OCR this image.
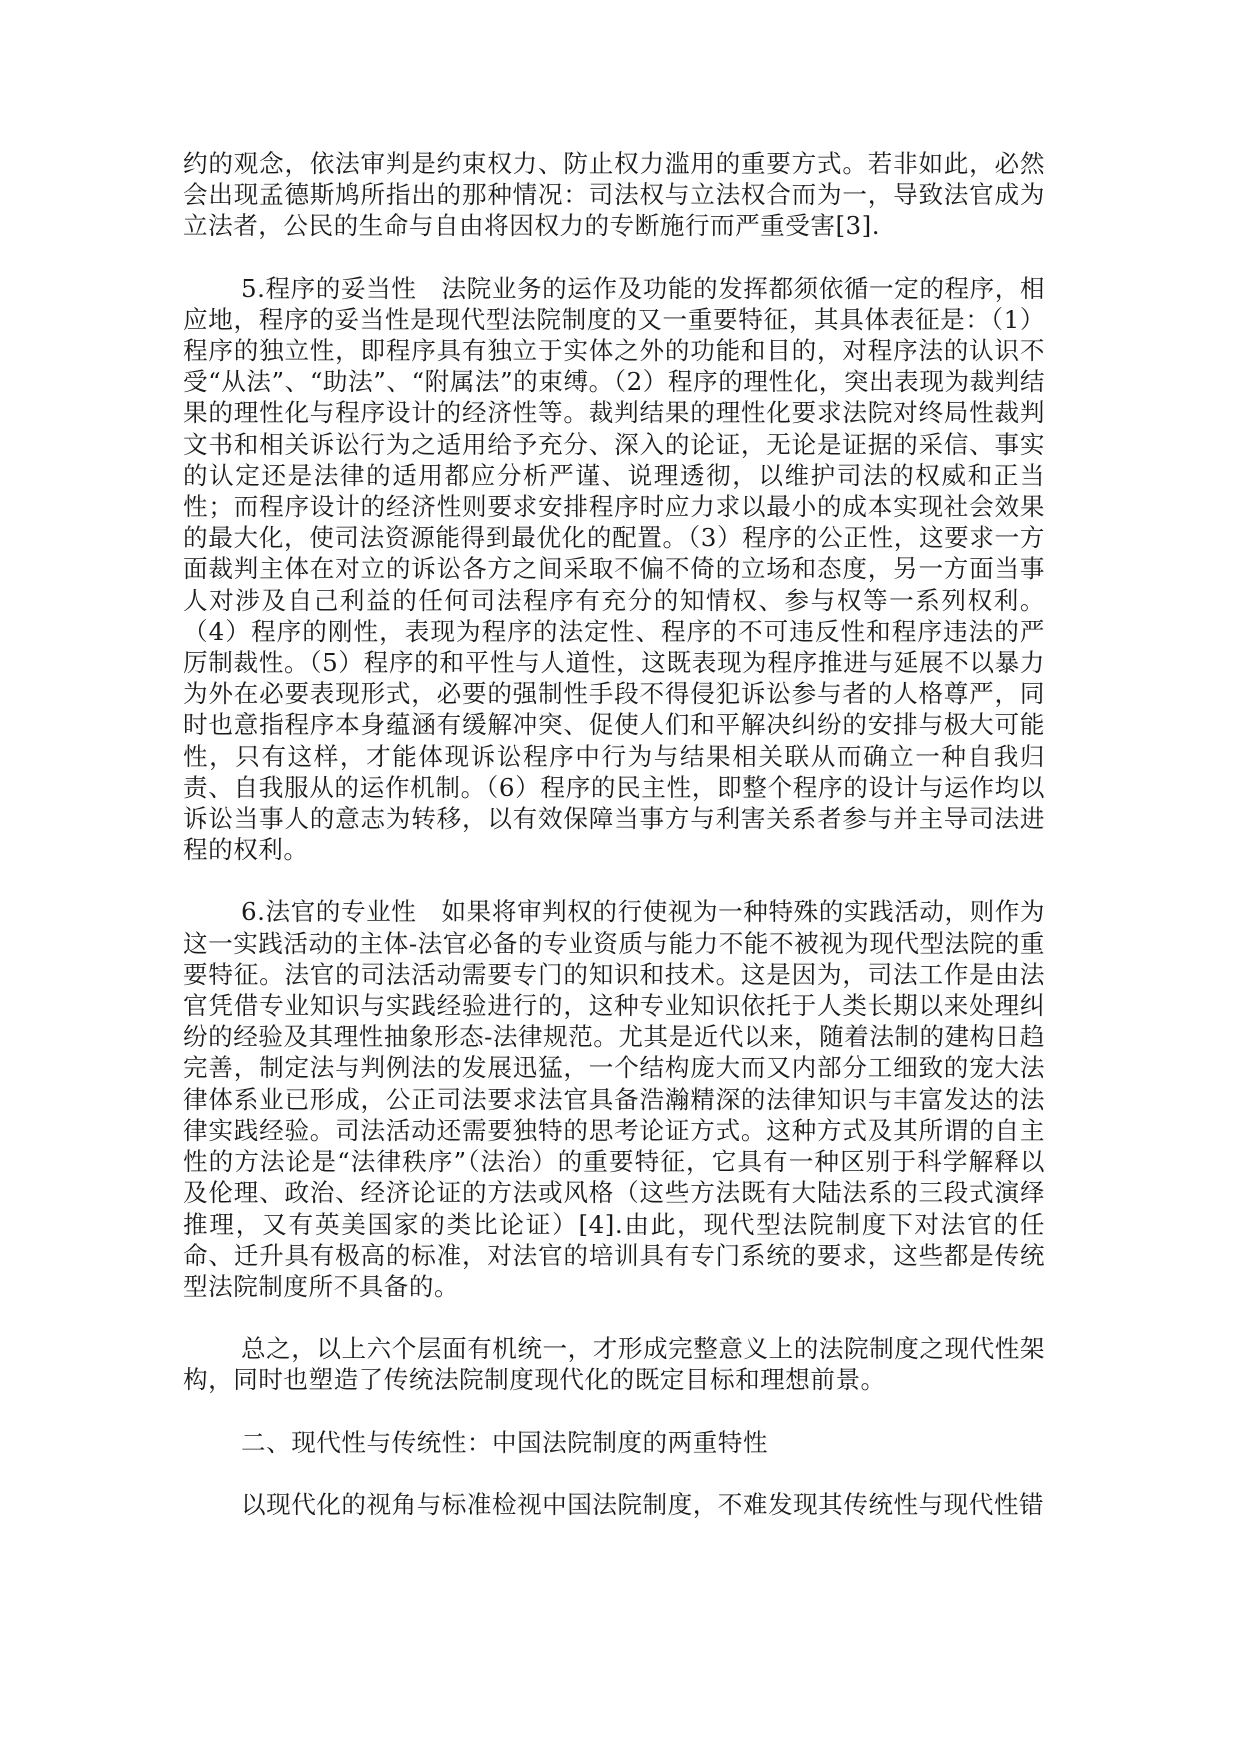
约的观念，依法审判是约束权力、防止权力滥用的重要方式。若非如此，必然会出现孟德斯鸠所指出的那种情况：司法权与立法权合而为一，导致法官成为立法者，公民的生命与自由将因权力的专断施行而严重受害[3].

5.程序的妥当性　法院业务的运作及功能的发挥都须依循一定的程序，相应地，程序的妥当性是现代型法院制度的又一重要特征，其具体表征是：（1）程序的独立性，即程序具有独立于实体之外的功能和目的，对程序法的认识不受“从法”、“助法”、“附属法”的束缚。（2）程序的理性化，突出表现为裁判结果的理性化与程序设计的经济性等。裁判结果的理性化要求法院对终局性裁判文书和相关诉讼行为之适用给予充分、深入的论证，无论是证据的采信、事实的认定还是法律的适用都应分析严谨、说理透彻，以维护司法的权威和正当性；而程序设计的经济性则要求安排程序时应力求以最小的成本实现社会效果的最大化，使司法资源能得到最优化的配置。（3）程序的公正性，这要求一方面裁判主体在对立的诉讼各方之间采取不偏不倚的立场和态度，另一方面当事人对涉及自己利益的任何司法程序有充分的知情权、参与权等一系列权利。（4）程序的刚性，表现为程序的法定性、程序的不可违反性和程序违法的严厉制裁性。（5）程序的和平性与人道性，这既表现为程序推进与延展不以暴力为外在必要表现形式，必要的强制性手段不得侵犯诉讼参与者的人格尊严，同时也意指程序本身蕴涵有缓解冲突、促使人们和平解决纠纷的安排与极大可能性，只有这样，才能体现诉讼程序中行为与结果相关联从而确立一种自我归责、自我服从的运作机制。（6）程序的民主性，即整个程序的设计与运作均以诉讼当事人的意志为转移，以有效保障当事方与利害关系者参与并主导司法进程的权利。

6.法官的专业性　如果将审判权的行使视为一种特殊的实践活动，则作为这一实践活动的主体-法官必备的专业资质与能力不能不被视为现代型法院的重要特征。法官的司法活动需要专门的知识和技术。这是因为，司法工作是由法官凭借专业知识与实践经验进行的，这种专业知识依托于人类长期以来处理纠纷的经验及其理性抽象形态-法律规范。尤其是近代以来，随着法制的建构日趋完善，制定法与判例法的发展迅猛，一个结构庞大而又内部分工细致的宠大法律体系业已形成，公正司法要求法官具备浩瀚精深的法律知识与丰富发达的法律实践经验。司法活动还需要独特的思考论证方式。这种方式及其所谓的自主性的方法论是“法律秩序”（法治）的重要特征，它具有一种区别于科学解释以及伦理、政治、经济论证的方法或风格（这些方法既有大陆法系的三段式演绎推理，又有英美国家的类比论证）[4].由此，现代型法院制度下对法官的任命、迁升具有极高的标准，对法官的培训具有专门系统的要求，这些都是传统型法院制度所不具备的。

总之，以上六个层面有机统一，才形成完整意义上的法院制度之现代性架构，同时也塑造了传统法院制度现代化的既定目标和理想前景。

二、现代性与传统性：中国法院制度的两重特性

以现代化的视角与标准检视中国法院制度，不难发现其传统性与现代性错
